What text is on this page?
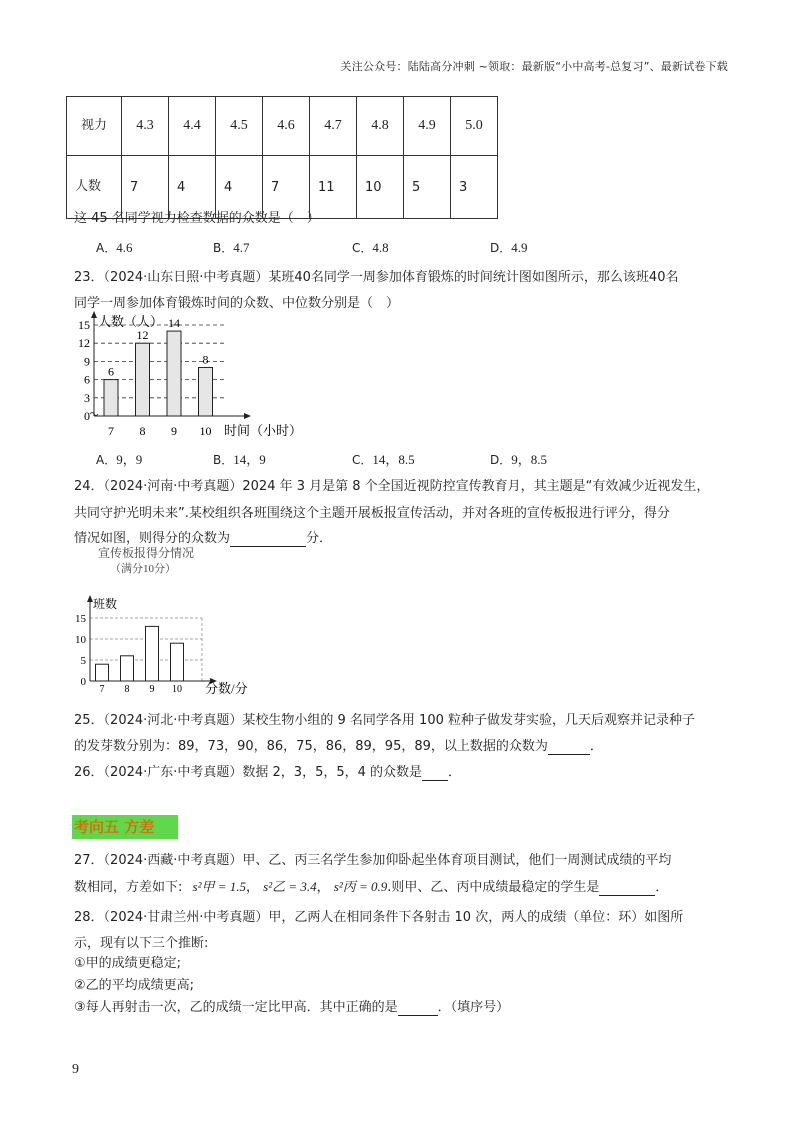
关注公众号：陆陆高分冲刺 ~领取：最新版“小中高考-总复习”、最新试卷下载
视力	4.3	4.4	4.5	4.6	4.7	4.8	4.9	5.0
人数	7	4	4	7	11	10	5	3
这 45 名同学视力检查数据的众数是（　）
A．4.6	B．4.7	C．4.8	D．4.9
23．（2024·山东日照·中考真题）某班40名同学一周参加体育锻炼的时间统计图如图所示，那么该班40名
同学一周参加体育锻炼时间的众数、中位数分别是（　）
0
3
6
9
12
15 人数（人）
时间（小时）
6
7
12
8
14
9
8
10
A．9，9	B．14，9	C．14，8.5	D．9，8.5
24．（2024·河南·中考真题）2024 年 3 月是第 8 个全国近视防控宣传教育月，其主题是“有效减少近视发生，
共同守护光明未来”.某校组织各班围绕这个主题开展板报宣传活动，并对各班的宣传板报进行评分，得分
情况如图，则得分的众数为	分．
宣传板报得分情况
（满分10分）
0
5
10
15
班数
分数/分
7 8 9 10
25．（2024·河北·中考真题）某校生物小组的 9 名同学各用 100 粒种子做发芽实验，几天后观察并记录种子
的发芽数分别为：89，73，90，86，75，86，89，95，89，以上数据的众数为	．
26．（2024·广东·中考真题）数据 2，3，5，5，4 的众数是 ．
考向五 方差
27．（2024·西藏·中考真题）甲、乙、丙三名学生参加仰卧起坐体育项目测试，他们一周测试成绩的平均
数相同，方差如下: s²甲 = 1.5， s²乙 = 3.4， s²丙 = 0.9.则甲、乙、丙中成绩最稳定的学生是	．
28．（2024·甘肃兰州·中考真题）甲，乙两人在相同条件下各射击 10 次，两人的成绩（单位：环）如图所
示，现有以下三个推断:
①甲的成绩更稳定;
②乙的平均成绩更高;
③每人再射击一次，乙的成绩一定比甲高．其中正确的是	．（填序号）
9
